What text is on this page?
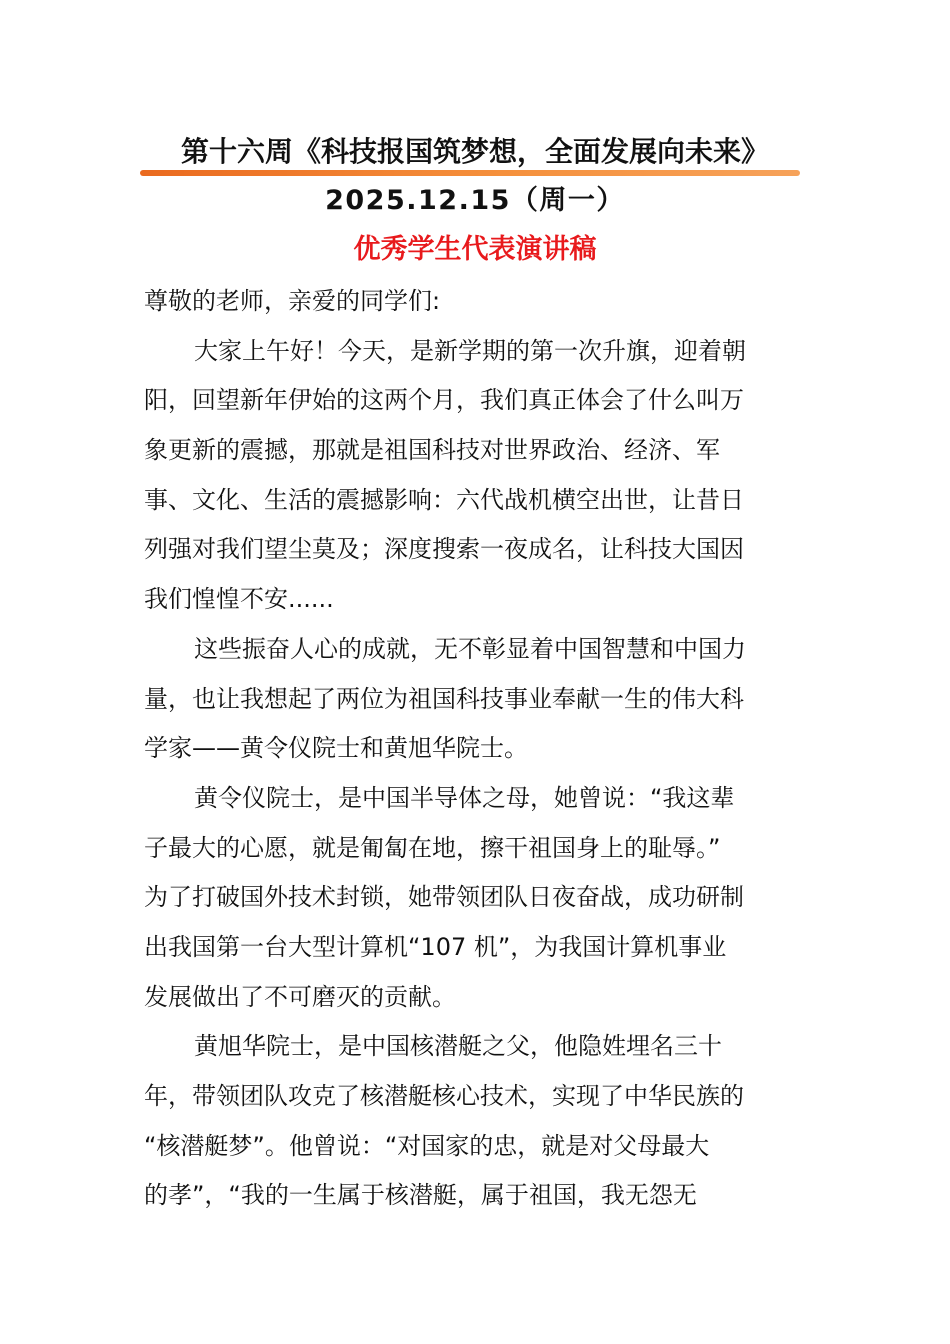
第十六周《科技报国筑梦想，全面发展向未来》
2025.12.15（周一）
优秀学生代表演讲稿
尊敬的老师，亲爱的同学们:
大家上午好！今天，是新学期的第一次升旗，迎着朝
阳，回望新年伊始的这两个月，我们真正体会了什么叫万
象更新的震撼，那就是祖国科技对世界政治、经济、军
事、文化、生活的震撼影响：六代战机横空出世，让昔日
列强对我们望尘莫及；深度搜索一夜成名，让科技大国因
我们惶惶不安......
这些振奋人心的成就，无不彰显着中国智慧和中国力
量，也让我想起了两位为祖国科技事业奉献一生的伟大科
学家——黄令仪院士和黄旭华院士。
黄令仪院士，是中国半导体之母，她曾说：“我这辈
子最大的心愿，就是匍匐在地，擦干祖国身上的耻辱。”
为了打破国外技术封锁，她带领团队日夜奋战，成功研制
出我国第一台大型计算机“107 机”，为我国计算机事业
发展做出了不可磨灭的贡献。
黄旭华院士，是中国核潜艇之父，他隐姓埋名三十
年，带领团队攻克了核潜艇核心技术，实现了中华民族的
“核潜艇梦”。他曾说：“对国家的忠，就是对父母最大
的孝”，“我的一生属于核潜艇，属于祖国，我无怨无
